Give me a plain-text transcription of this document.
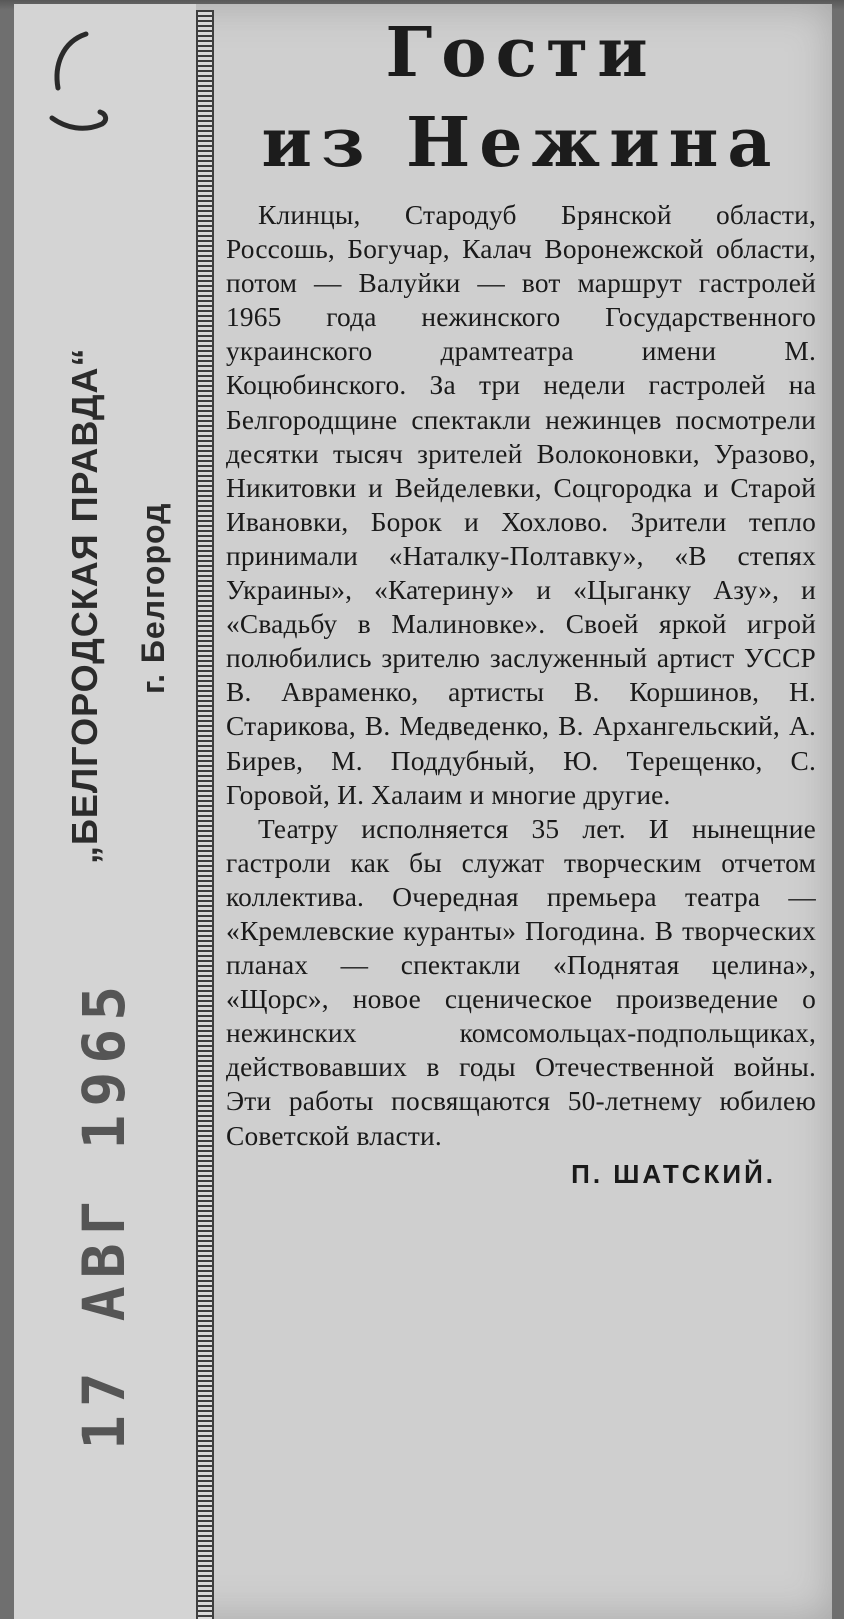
„БЕЛГОРОДСКАЯ ПРАВДА“ г. Белгород
17 АВГ 1965
Гости
из Нежина

Клинцы, Стародуб Брянской области, Россошь, Богучар, Калач Воронежской области, потом — Валуйки — вот маршрут гастролей 1965 года нежинского Государственного украинского драмтеатра имени М. Коцюбинского. За три недели гастролей на Белгородщине спектакли нежинцев посмотрели десятки тысяч зрителей Волоконовки, Уразово, Никитовки и Вейделевки, Соцгородка и Старой Ивановки, Борок и Хохлово. Зрители тепло принимали «Наталку-Полтавку», «В степях Украины», «Катерину» и «Цыганку Азу», и «Свадьбу в Малиновке». Своей яркой игрой полюбились зрителю заслуженный артист УССР В. Авраменко, артисты В. Коршинов, Н. Старикова, В. Медведенко, В. Архангельский, А. Бирев, М. Поддубный, Ю. Терещенко, С. Горовой, И. Халаим и многие другие.

Театру исполняется 35 лет. И нынещние гастроли как бы служат творческим отчетом коллектива. Очередная премьера театра — «Кремлевские куранты» Погодина. В творческих планах — спектакли «Поднятая целина», «Щорс», новое сценическое произведение о нежинских комсомольцах-подпольщиках, действовавших в годы Отечественной войны. Эти работы посвящаются 50-летнему юбилею Советской власти.

П. ШАТСКИЙ.
